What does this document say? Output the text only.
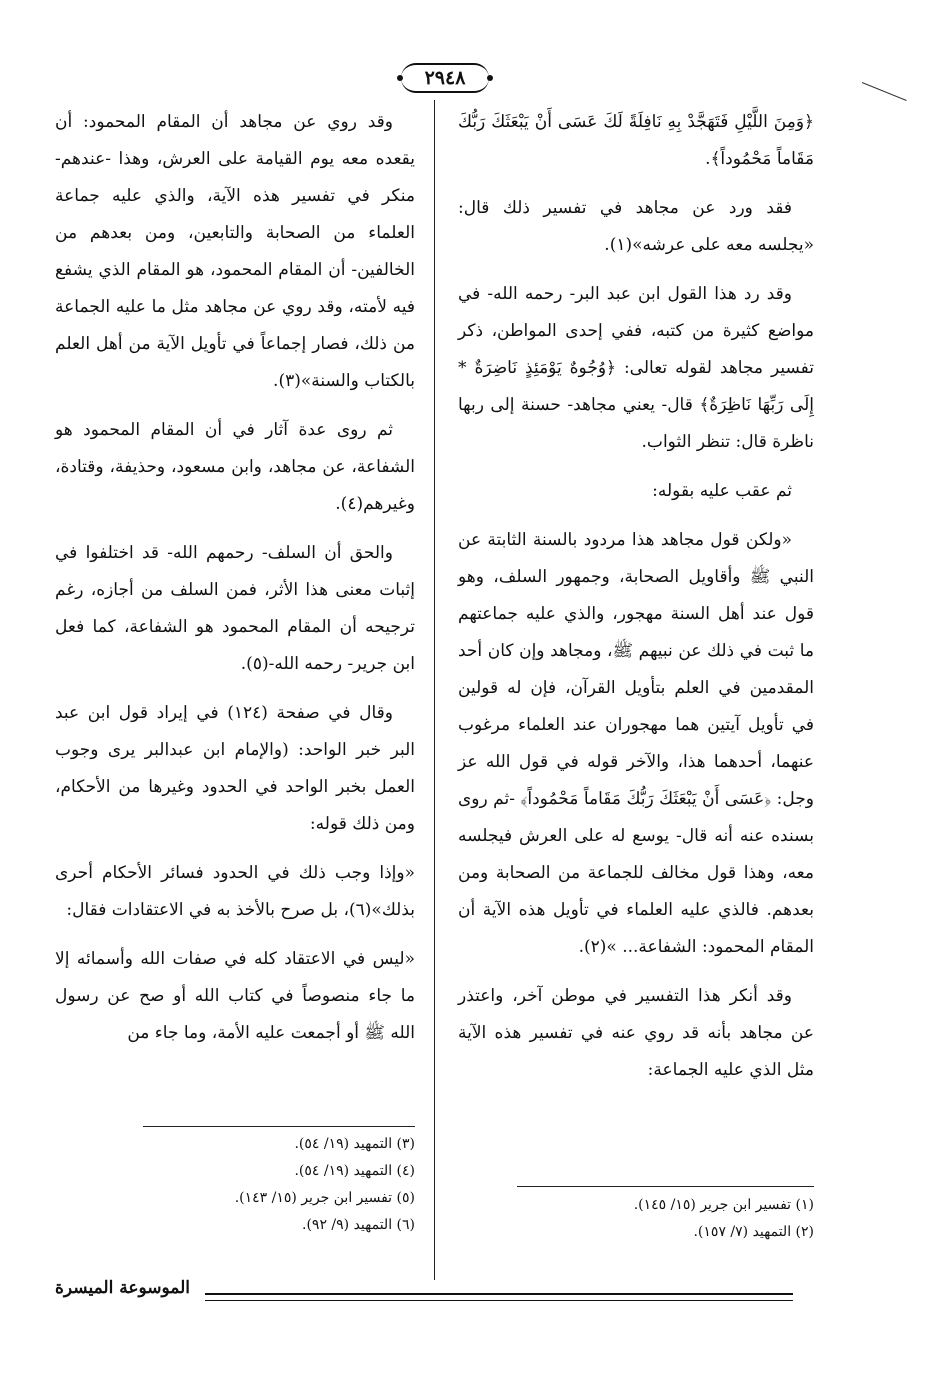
٢٩٤٨

﴿وَمِنَ اللَّيْلِ فَتَهَجَّدْ بِهِ نَافِلَةً لَكَ عَسَى أَنْ يَبْعَثَكَ رَبُّكَ مَقَاماً مَحْمُوداً﴾.

فقد ورد عن مجاهد في تفسير ذلك قال: «يجلسه معه على عرشه»(١).

وقد رد هذا القول ابن عبد البر- رحمه الله- في مواضع كثيرة من كتبه، ففي إحدى المواطن، ذكر تفسير مجاهد لقوله تعالى: ﴿وُجُوهٌ يَوْمَئِذٍ نَاضِرَةٌ * إِلَى رَبِّهَا نَاظِرَةٌ﴾ قال- يعني مجاهد- حسنة إلى ربها ناظرة قال: تنظر الثواب.

ثم عقب عليه بقوله:

«ولكن قول مجاهد هذا مردود بالسنة الثابتة عن النبي ﷺ وأقاويل الصحابة، وجمهور السلف، وهو قول عند أهل السنة مهجور، والذي عليه جماعتهم ما ثبت في ذلك عن نبيهم ﷺ، ومجاهد وإن كان أحد المقدمين في العلم بتأويل القرآن، فإن له قولين في تأويل آيتين هما مهجوران عند العلماء مرغوب عنهما، أحدهما هذا، والآخر قوله في قول الله عز وجل: ﴿عَسَى أَنْ يَبْعَثَكَ رَبُّكَ مَقَاماً مَحْمُوداً﴾ -ثم روى بسنده عنه أنه قال- يوسع له على العرش فيجلسه معه، وهذا قول مخالف للجماعة من الصحابة ومن بعدهم. فالذي عليه العلماء في تأويل هذه الآية أن المقام المحمود: الشفاعة... »(٢).

وقد أنكر هذا التفسير في موطن آخر، واعتذر عن مجاهد بأنه قد روي عنه في تفسير هذه الآية مثل الذي عليه الجماعة:

وقد روي عن مجاهد أن المقام المحمود: أن يقعده معه يوم القيامة على العرش، وهذا -عندهم- منكر في تفسير هذه الآية، والذي عليه جماعة العلماء من الصحابة والتابعين، ومن بعدهم من الخالفين- أن المقام المحمود، هو المقام الذي يشفع فيه لأمته، وقد روي عن مجاهد مثل ما عليه الجماعة من ذلك، فصار إجماعاً في تأويل الآية من أهل العلم بالكتاب والسنة»(٣).

ثم روى عدة آثار في أن المقام المحمود هو الشفاعة، عن مجاهد، وابن مسعود، وحذيفة، وقتادة، وغيرهم(٤).

والحق أن السلف- رحمهم الله- قد اختلفوا في إثبات معنى هذا الأثر، فمن السلف من أجازه، رغم ترجيحه أن المقام المحمود هو الشفاعة، كما فعل ابن جرير- رحمه الله-(٥).

وقال في صفحة (١٢٤) في إيراد قول ابن عبد البر خبر الواحد: (والإمام ابن عبدالبر يرى وجوب العمل بخبر الواحد في الحدود وغيرها من الأحكام، ومن ذلك قوله:

«وإذا وجب ذلك في الحدود فسائر الأحكام أحرى بذلك»(٦)، بل صرح بالأخذ به في الاعتقادات فقال:

«ليس في الاعتقاد كله في صفات الله وأسمائه إلا ما جاء منصوصاً في كتاب الله أو صح عن رسول الله ﷺ أو أجمعت عليه الأمة، وما جاء من

(٣) التمهيد (١٩/ ٥٤).
(٤) التمهيد (١٩/ ٥٤).
(٥) تفسير ابن جرير (١٥/ ١٤٣).
(٦) التمهيد (٩/ ٩٢).
(١) تفسير ابن جرير (١٥/ ١٤٥).
(٢) التمهيد (٧/ ١٥٧).
الموسوعة الميسرة
